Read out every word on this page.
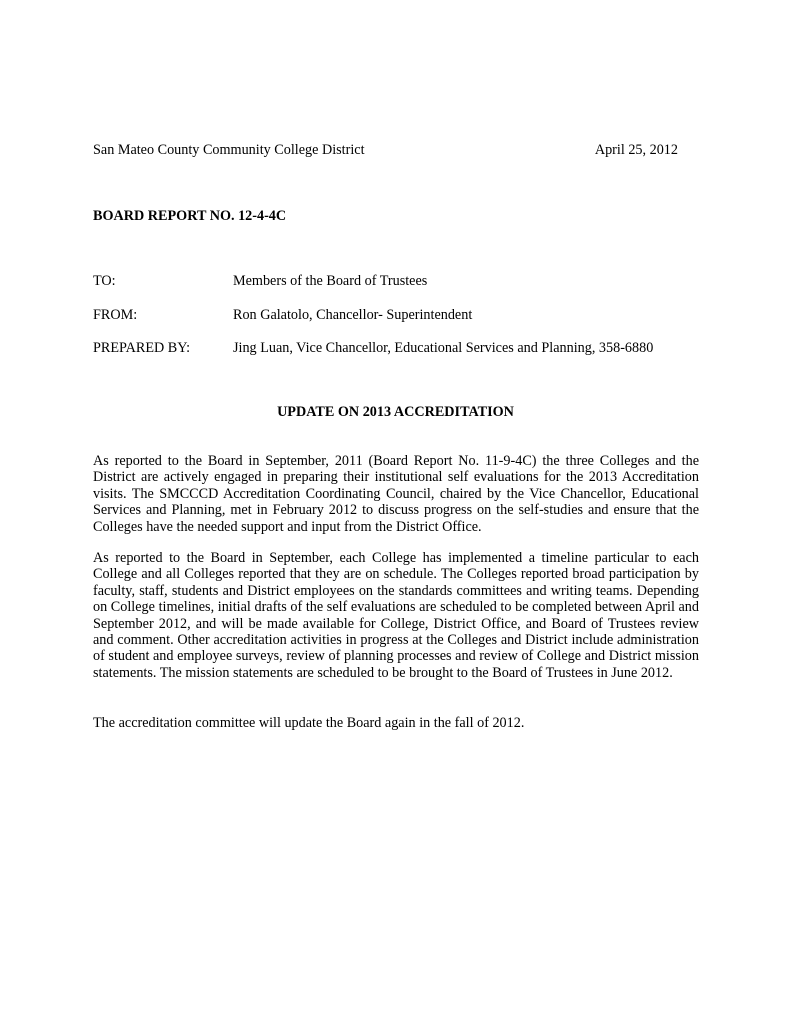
San Mateo County Community College District	April 25, 2012
BOARD REPORT NO. 12-4-4C
TO:	Members of the Board of Trustees
FROM:	Ron Galatolo, Chancellor- Superintendent
PREPARED BY:	Jing Luan, Vice Chancellor, Educational Services and Planning, 358-6880
UPDATE ON 2013 ACCREDITATION

As reported to the Board in September, 2011 (Board Report No. 11-9-4C) the three Colleges and the District are actively engaged in preparing their institutional self evaluations for the 2013 Accreditation visits. The SMCCCD Accreditation Coordinating Council, chaired by the Vice Chancellor, Educational Services and Planning, met in February 2012 to discuss progress on the self-studies and ensure that the Colleges have the needed support and input from the District Office.

As reported to the Board in September, each College has implemented a timeline particular to each College and all Colleges reported that they are on schedule. The Colleges reported broad participation by faculty, staff, students and District employees on the standards committees and writing teams. Depending on College timelines, initial drafts of the self evaluations are scheduled to be completed between April and September 2012, and will be made available for College, District Office, and Board of Trustees review and comment. Other accreditation activities in progress at the Colleges and District include administration of student and employee surveys, review of planning processes and review of College and District mission statements. The mission statements are scheduled to be brought to the Board of Trustees in June 2012.

The accreditation committee will update the Board again in the fall of 2012.
